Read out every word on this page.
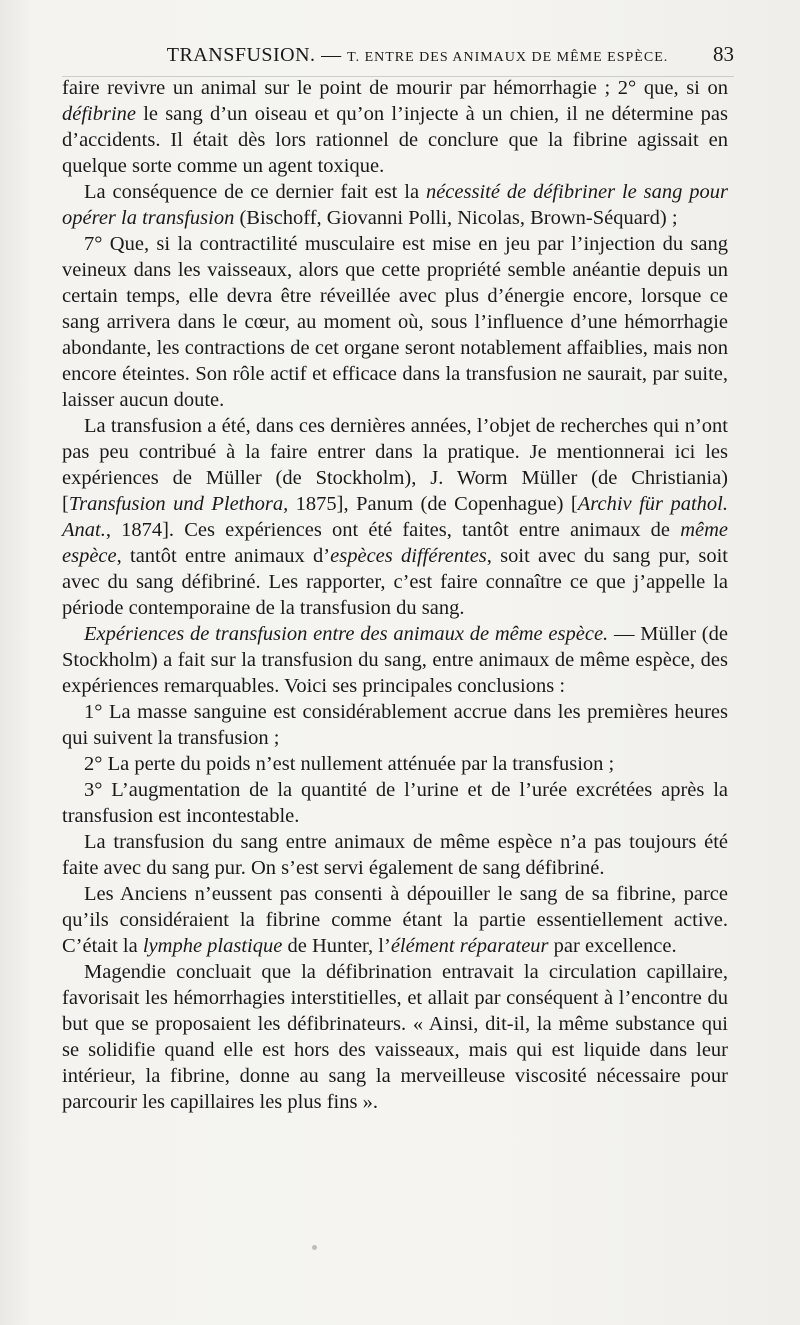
TRANSFUSION. — T. ENTRE DES ANIMAUX DE MÊME ESPÈCE.	83

faire revivre un animal sur le point de mourir par hémorrhagie ; 2° que, si on défibrine le sang d’un oiseau et qu’on l’injecte à un chien, il ne détermine pas d’accidents. Il était dès lors rationnel de conclure que la fibrine agissait en quelque sorte comme un agent toxique.

La conséquence de ce dernier fait est la nécessité de défibriner le sang pour opérer la transfusion (Bischoff, Giovanni Polli, Nicolas, Brown-Séquard) ;

7° Que, si la contractilité musculaire est mise en jeu par l’injection du sang veineux dans les vaisseaux, alors que cette propriété semble anéantie depuis un certain temps, elle devra être réveillée avec plus d’énergie encore, lorsque ce sang arrivera dans le cœur, au moment où, sous l’influence d’une hémorrhagie abondante, les contractions de cet organe seront notablement affaiblies, mais non encore éteintes. Son rôle actif et efficace dans la transfusion ne saurait, par suite, laisser aucun doute.

La transfusion a été, dans ces dernières années, l’objet de recherches qui n’ont pas peu contribué à la faire entrer dans la pratique. Je mentionnerai ici les expériences de Müller (de Stockholm), J. Worm Müller (de Christiania) [Transfusion und Plethora, 1875], Panum (de Copenhague) [Archiv für pathol. Anat., 1874]. Ces expériences ont été faites, tantôt entre animaux de même espèce, tantôt entre animaux d’espèces différentes, soit avec du sang pur, soit avec du sang défibriné. Les rapporter, c’est faire connaître ce que j’appelle la période contemporaine de la transfusion du sang.

Expériences de transfusion entre des animaux de même espèce. — Müller (de Stockholm) a fait sur la transfusion du sang, entre animaux de même espèce, des expériences remarquables. Voici ses principales conclusions :

1° La masse sanguine est considérablement accrue dans les premières heures qui suivent la transfusion ;

2° La perte du poids n’est nullement atténuée par la transfusion ;

3° L’augmentation de la quantité de l’urine et de l’urée excrétées après la transfusion est incontestable.

La transfusion du sang entre animaux de même espèce n’a pas toujours été faite avec du sang pur. On s’est servi également de sang défibriné.

Les Anciens n’eussent pas consenti à dépouiller le sang de sa fibrine, parce qu’ils considéraient la fibrine comme étant la partie essentiellement active. C’était la lymphe plastique de Hunter, l’élément réparateur par excellence.

Magendie concluait que la défibrination entravait la circulation capillaire, favorisait les hémorrhagies interstitielles, et allait par conséquent à l’encontre du but que se proposaient les défibrinateurs. « Ainsi, dit-il, la même substance qui se solidifie quand elle est hors des vaisseaux, mais qui est liquide dans leur intérieur, la fibrine, donne au sang la merveilleuse viscosité nécessaire pour parcourir les capillaires les plus fins ».
